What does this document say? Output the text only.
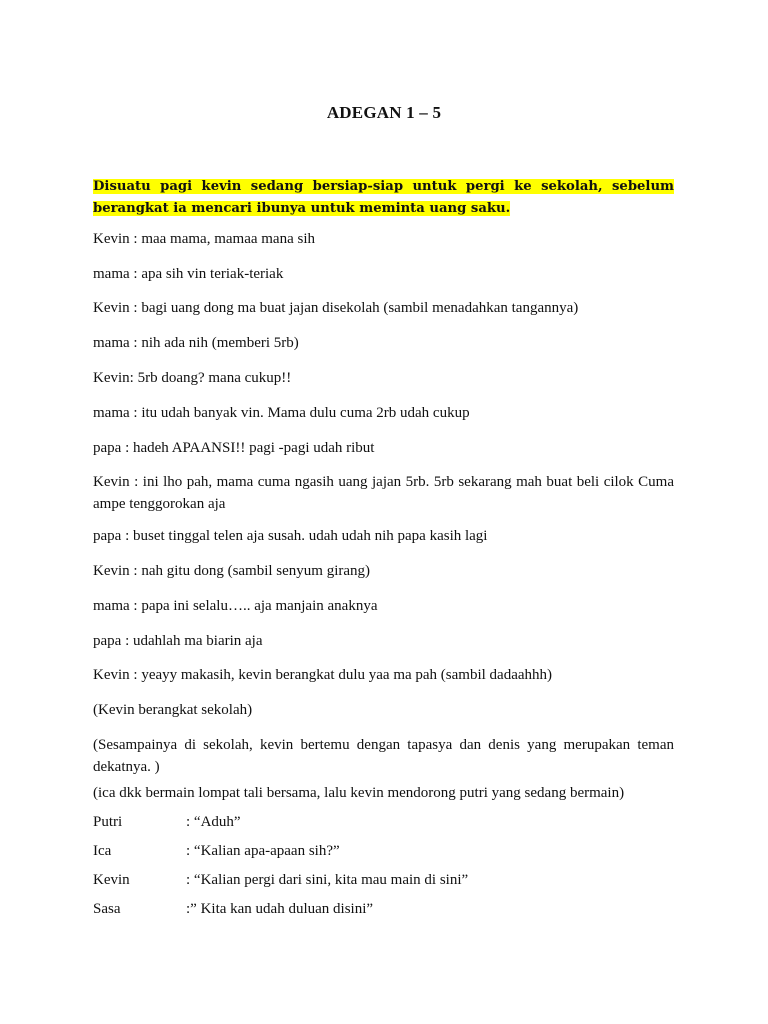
ADEGAN 1 – 5
Disuatu pagi kevin sedang bersiap-siap untuk pergi ke sekolah, sebelum berangkat ia mencari ibunya untuk meminta uang saku.
Kevin : maa mama, mamaa mana sih
mama : apa sih vin teriak-teriak
Kevin : bagi uang dong ma buat jajan disekolah (sambil menadahkan tangannya)
mama : nih ada nih (memberi 5rb)
Kevin: 5rb doang? mana cukup!!
mama : itu udah banyak vin. Mama dulu cuma 2rb udah cukup
papa : hadeh APAANSI!! pagi -pagi udah ribut
Kevin : ini lho pah, mama cuma ngasih uang jajan 5rb. 5rb sekarang mah buat beli cilok Cuma ampe tenggorokan aja
papa : buset tinggal telen aja susah. udah udah nih papa kasih lagi
Kevin : nah gitu dong (sambil senyum girang)
mama : papa ini selalu….. aja manjain anaknya
papa : udahlah ma biarin aja
Kevin : yeayy makasih, kevin berangkat dulu yaa ma pah (sambil dadaahhh)
(Kevin berangkat sekolah)
(Sesampainya di sekolah, kevin bertemu dengan tapasya dan denis yang merupakan teman dekatnya. )
(ica dkk bermain lompat tali bersama, lalu kevin mendorong putri yang sedang bermain)
Putri	: “Aduh”
Ica	: “Kalian apa-apaan sih?”
Kevin	: “Kalian pergi dari sini, kita mau main di sini”
Sasa	:” Kita kan udah duluan disini”
